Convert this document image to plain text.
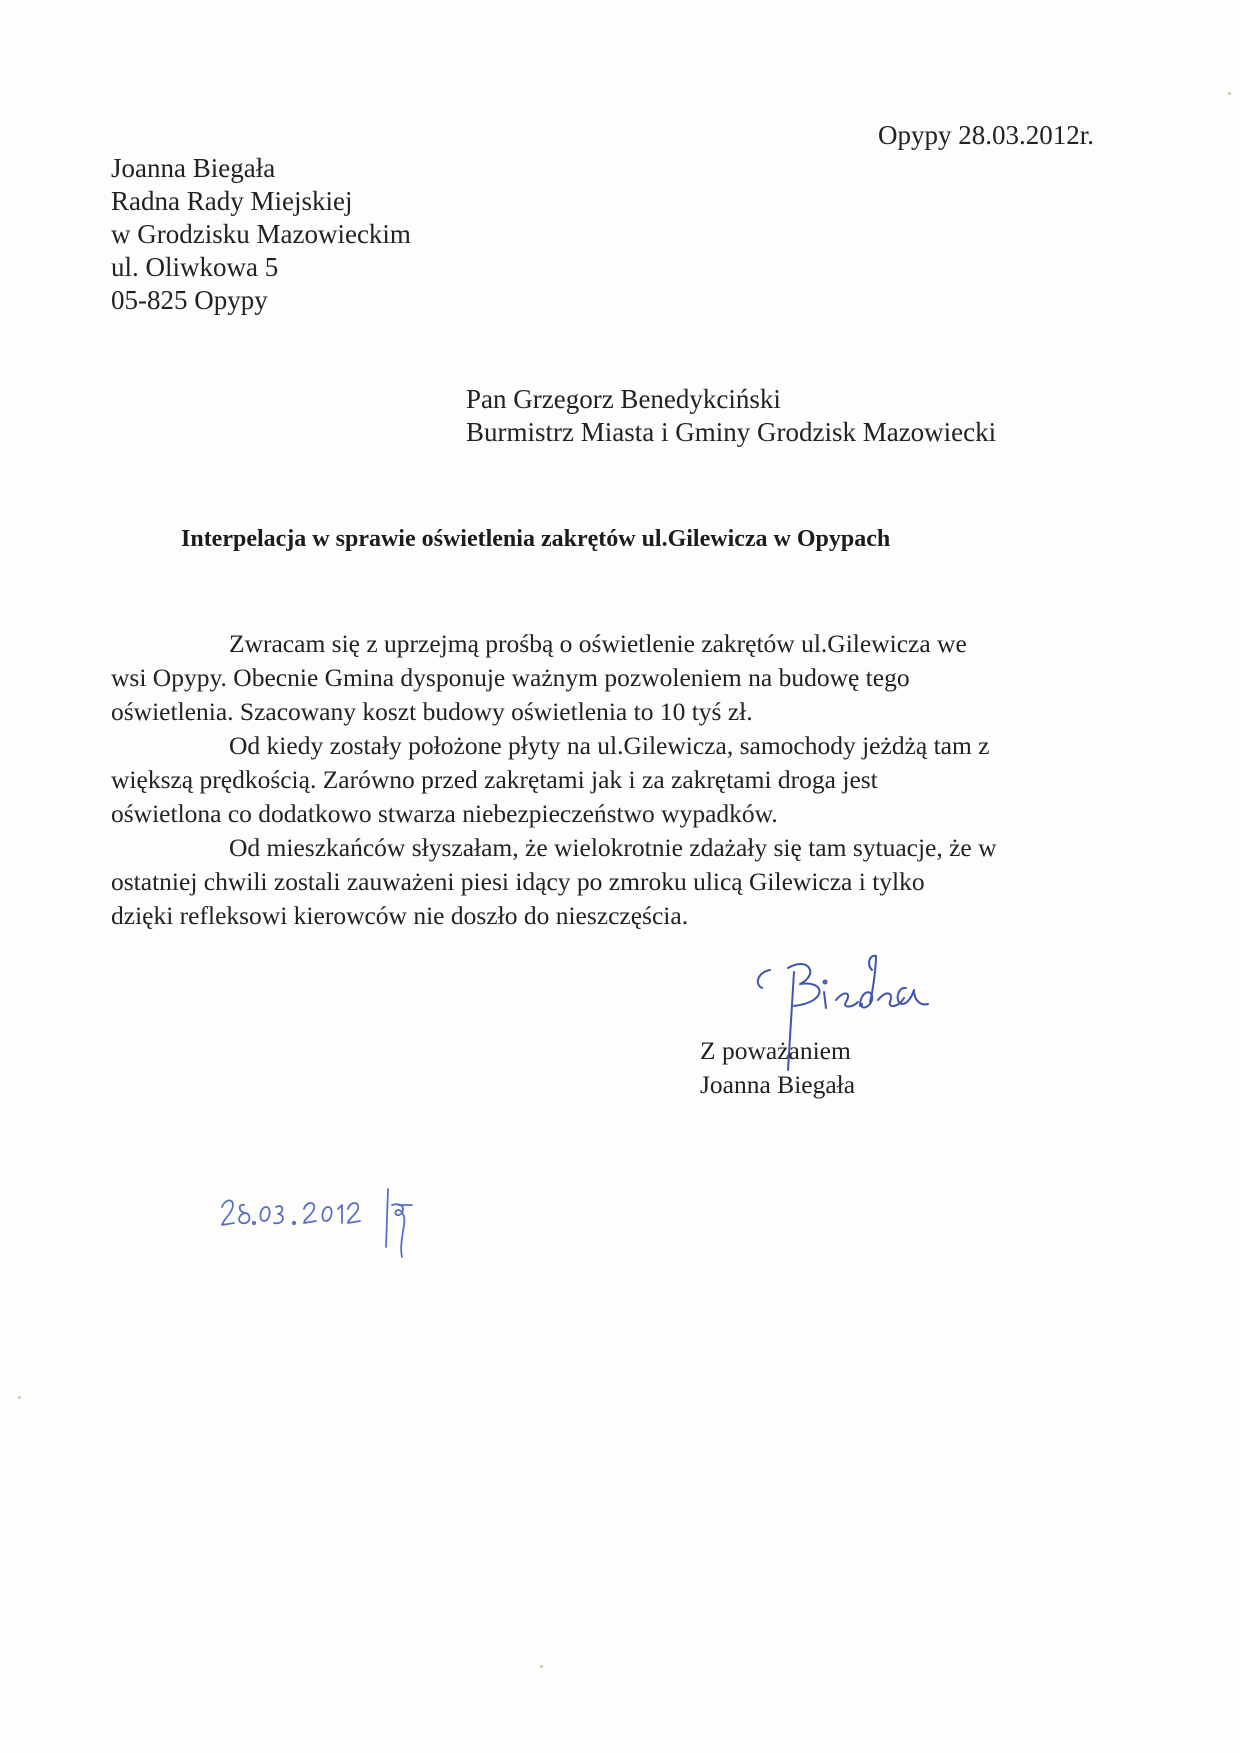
Opypy 28.03.2012r.
Joanna Biegała
Radna Rady Miejskiej
w Grodzisku Mazowieckim
ul. Oliwkowa 5
05-825 Opypy
Pan Grzegorz Benedykciński
Burmistrz Miasta i Gminy Grodzisk Mazowiecki
Interpelacja w sprawie oświetlenia zakrętów ul.Gilewicza w Opypach
Zwracam się z uprzejmą prośbą o oświetlenie zakrętów ul.Gilewicza we
wsi Opypy. Obecnie Gmina dysponuje ważnym pozwoleniem na budowę tego
oświetlenia. Szacowany koszt budowy oświetlenia to 10 tyś zł.
Od kiedy zostały położone płyty na ul.Gilewicza, samochody jeżdżą tam z
większą prędkością. Zarówno przed zakrętami jak i za zakrętami droga jest
oświetlona co dodatkowo stwarza niebezpieczeństwo wypadków.
Od mieszkańców słyszałam, że wielokrotnie zdażały się tam sytuacje, że w
ostatniej chwili zostali zauważeni piesi idący po zmroku ulicą Gilewicza i tylko
dzięki refleksowi kierowców nie doszło do nieszczęścia.
Z poważaniem
Joanna Biegała
